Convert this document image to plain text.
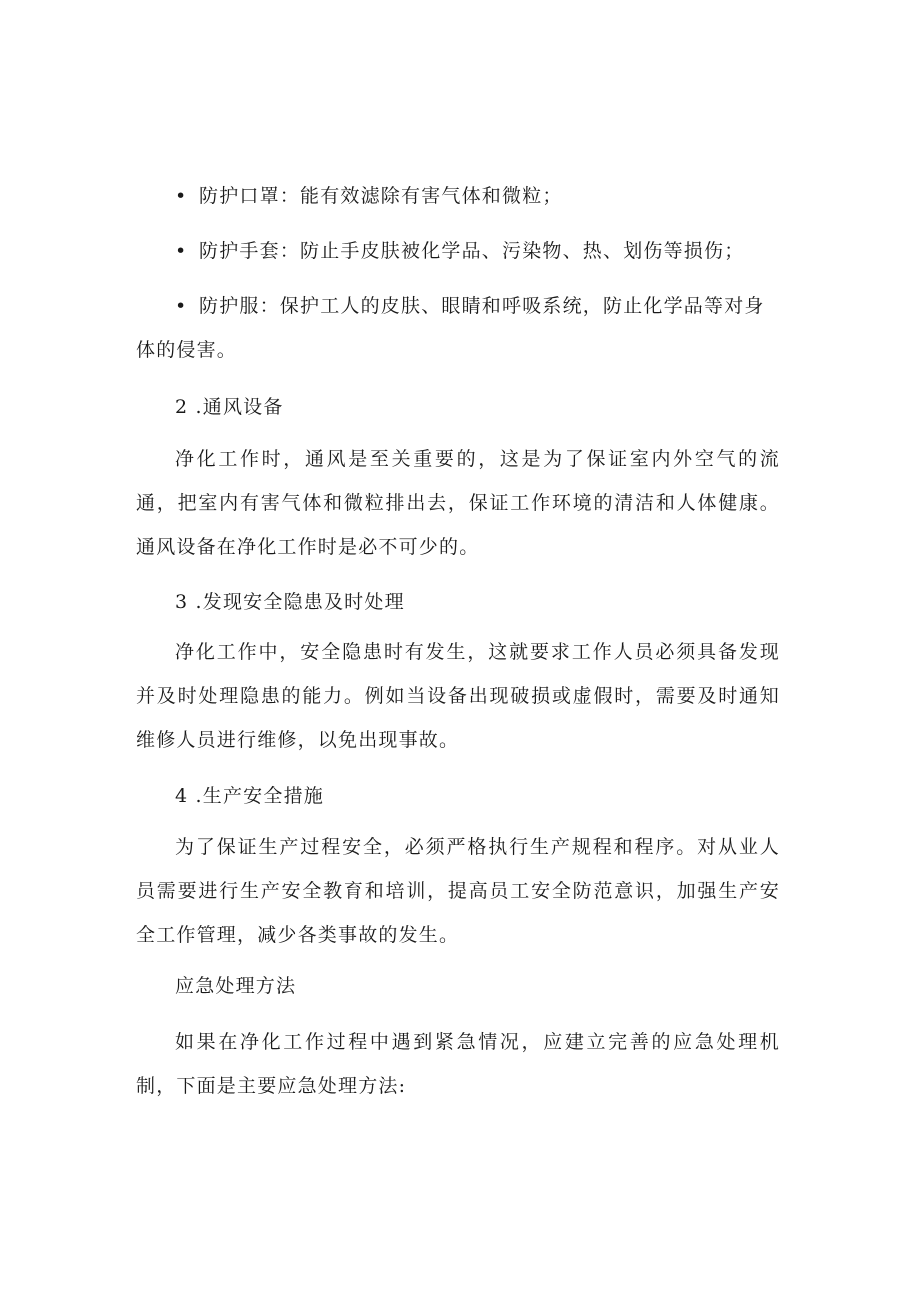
• 防护口罩：能有效滤除有害气体和微粒；

• 防护手套：防止手皮肤被化学品、污染物、热、划伤等损伤；

• 防护服：保护工人的皮肤、眼睛和呼吸系统，防止化学品等对身体的侵害。

2 .通风设备

净化工作时，通风是至关重要的，这是为了保证室内外空气的流通，把室内有害气体和微粒排出去，保证工作环境的清洁和人体健康。通风设备在净化工作时是必不可少的。

3 .发现安全隐患及时处理

净化工作中，安全隐患时有发生，这就要求工作人员必须具备发现并及时处理隐患的能力。例如当设备出现破损或虚假时，需要及时通知维修人员进行维修，以免出现事故。

4 .生产安全措施

为了保证生产过程安全，必须严格执行生产规程和程序。对从业人员需要进行生产安全教育和培训，提高员工安全防范意识，加强生产安全工作管理，减少各类事故的发生。

应急处理方法

如果在净化工作过程中遇到紧急情况，应建立完善的应急处理机制，下面是主要应急处理方法:
